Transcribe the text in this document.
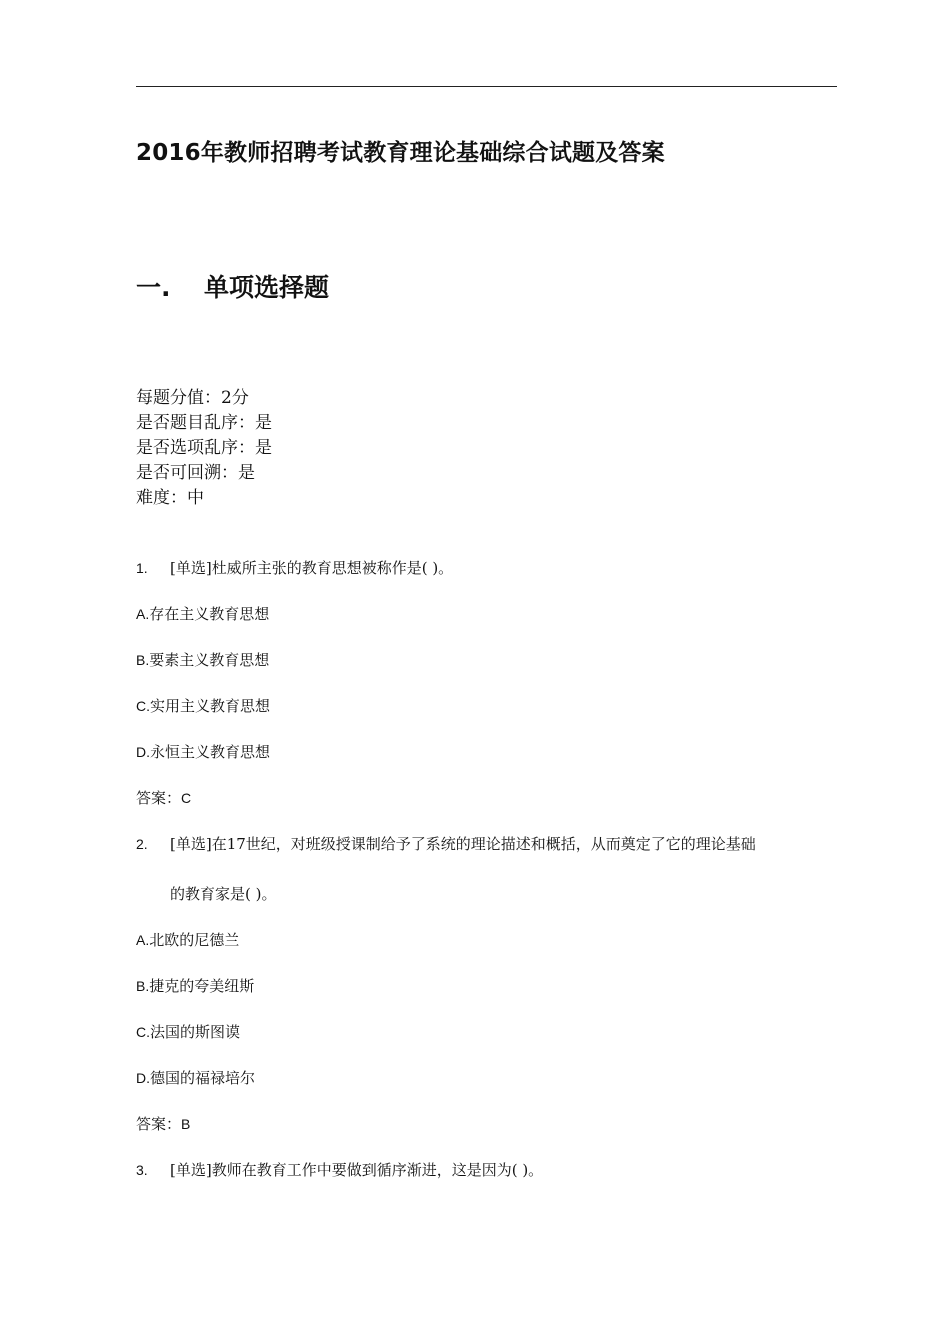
2016年教师招聘考试教育理论基础综合试题及答案
一. 单项选择题
每题分值：2分
是否题目乱序：是
是否选项乱序：是
是否可回溯：是
难度：中
1. [单选]杜威所主张的教育思想被称作是( )。
A.存在主义教育思想
B.要素主义教育思想
C.实用主义教育思想
D.永恒主义教育思想
答案：C
2. [单选]在17世纪，对班级授课制给予了系统的理论描述和概括，从而奠定了它的理论基础
的教育家是( )。
A.北欧的尼德兰
B.捷克的夸美纽斯
C.法国的斯图谟
D.德国的福禄培尔
答案：B
3. [单选]教师在教育工作中要做到循序渐进，这是因为( )。
